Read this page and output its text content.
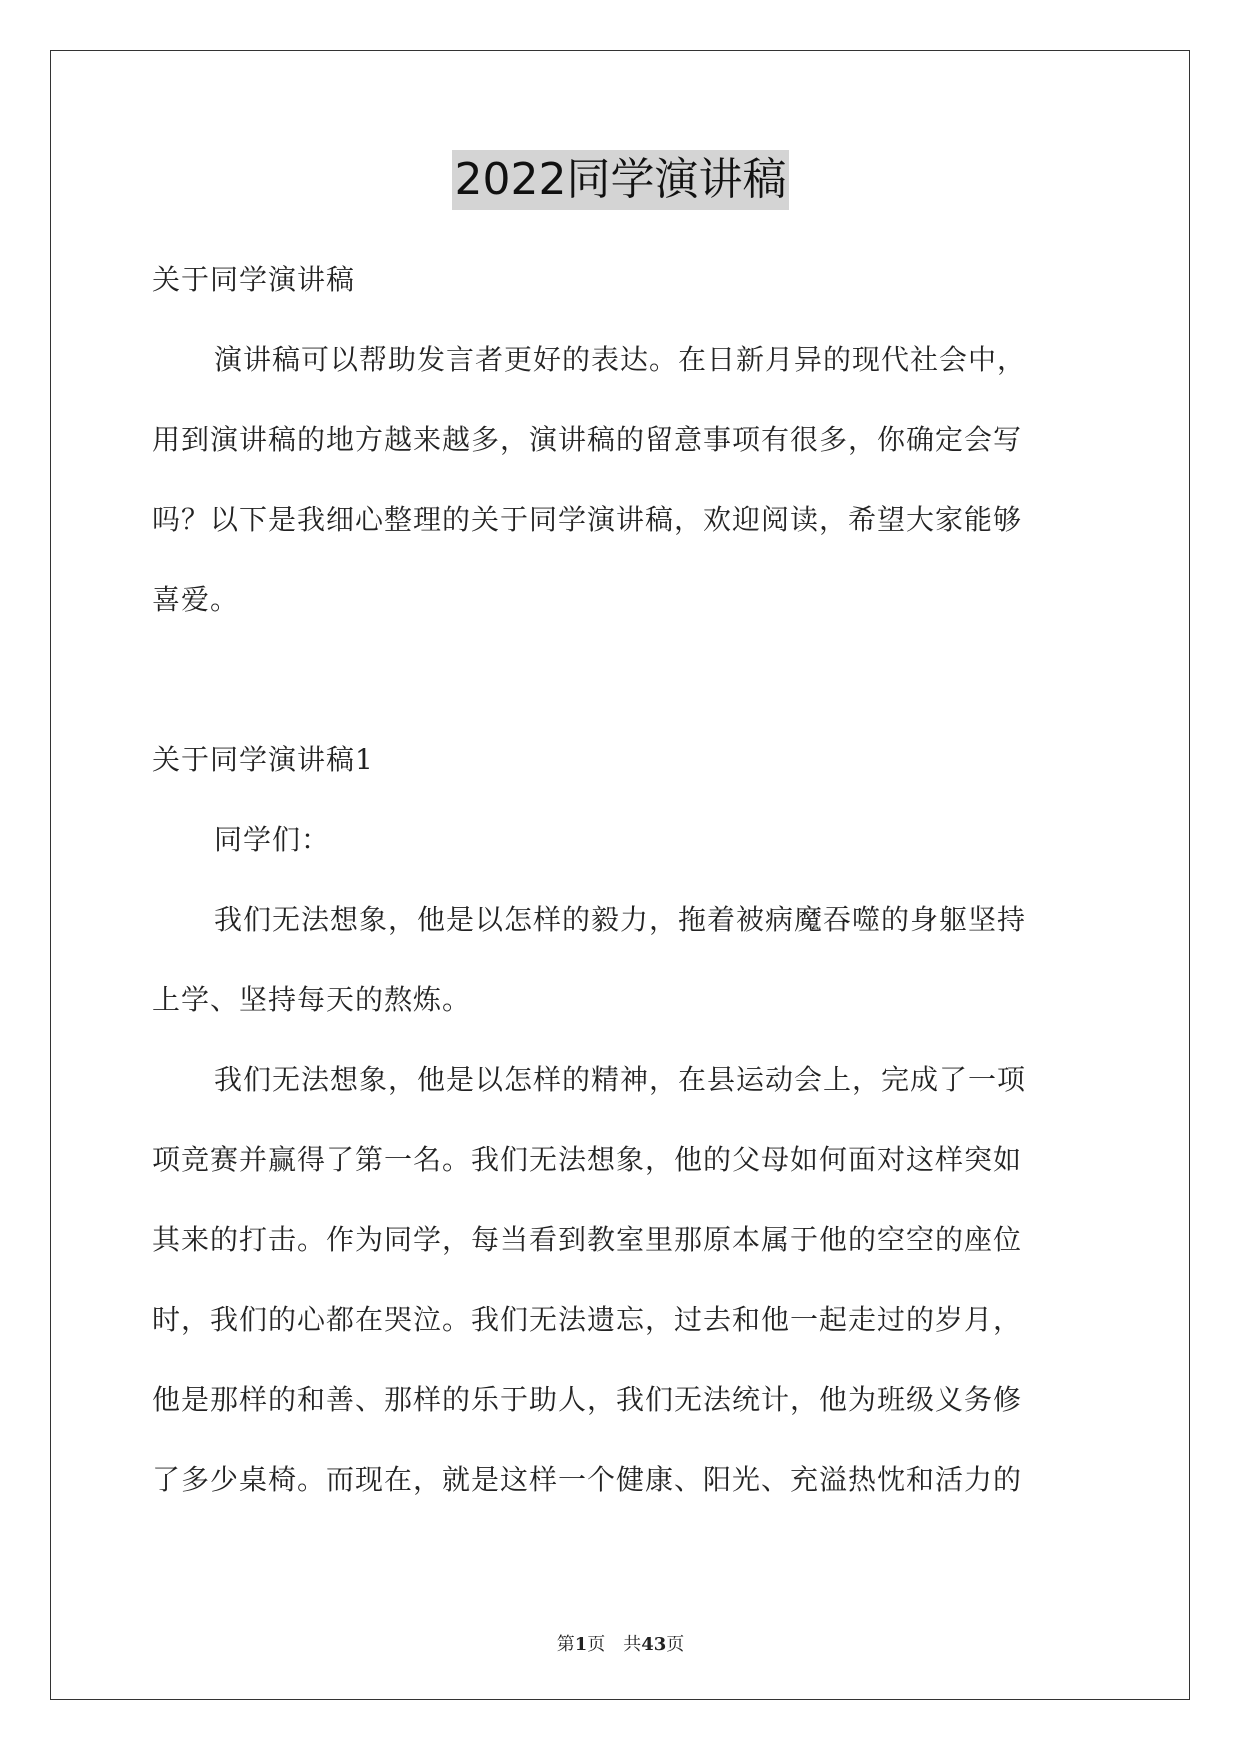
2022同学演讲稿
关于同学演讲稿
演讲稿可以帮助发言者更好的表达。在日新月异的现代社会中，
用到演讲稿的地方越来越多，演讲稿的留意事项有很多，你确定会写
吗？以下是我细心整理的关于同学演讲稿，欢迎阅读，希望大家能够
喜爱。
关于同学演讲稿1
同学们：
我们无法想象，他是以怎样的毅力，拖着被病魔吞噬的身躯坚持
上学、坚持每天的熬炼。
我们无法想象，他是以怎样的精神，在县运动会上，完成了一项
项竞赛并赢得了第一名。我们无法想象，他的父母如何面对这样突如
其来的打击。作为同学，每当看到教室里那原本属于他的空空的座位
时，我们的心都在哭泣。我们无法遗忘，过去和他一起走过的岁月，
他是那样的和善、那样的乐于助人，我们无法统计，他为班级义务修
了多少桌椅。而现在，就是这样一个健康、阳光、充溢热忱和活力的
第1页　共43页
